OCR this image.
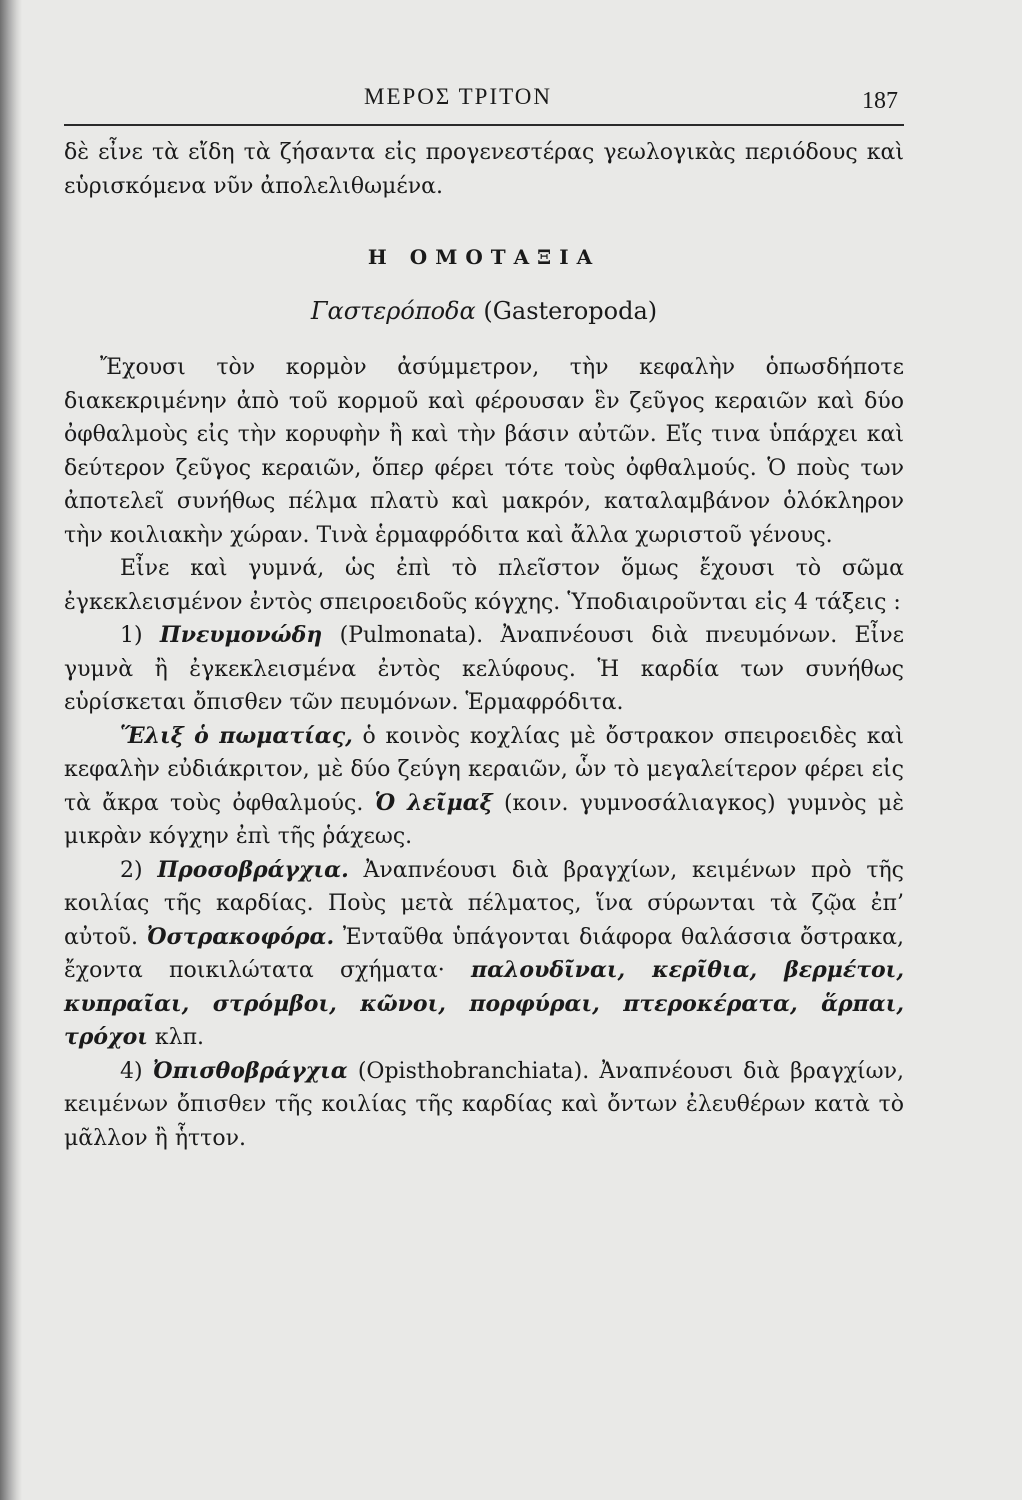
ΜΕΡΟΣ ΤΡΙΤΟΝ	187

δὲ εἶνε τὰ εἴδη τὰ ζήσαντα εἰς προγενεστέρας γεωλογικὰς περιόδους καὶ εὑρισκόμενα νῦν ἀπολελιθωμένα.

Η ΟΜΟΤΑΞΙΑ
Γαστερόποδα (Gasteropoda)

Ἔχουσι τὸν κορμὸν ἀσύμμετρον, τὴν κεφαλὴν ὁπωσδήποτε διακεκριμένην ἀπὸ τοῦ κορμοῦ καὶ φέρουσαν ἓν ζεῦγος κεραιῶν καὶ δύο ὀφθαλμοὺς εἰς τὴν κορυφὴν ἢ καὶ τὴν βάσιν αὐτῶν. Εἴς τινα ὑπάρχει καὶ δεύτερον ζεῦγος κεραιῶν, ὅπερ φέρει τότε τοὺς ὀφθαλμούς. Ὁ ποὺς των ἀποτελεῖ συνήθως πέλμα πλατὺ καὶ μακρόν, καταλαμβάνον ὁλόκληρον τὴν κοιλιακὴν χώραν. Τινὰ ἑρμαφρόδιτα καὶ ἄλλα χωριστοῦ γένους.

Εἶνε καὶ γυμνά, ὡς ἐπὶ τὸ πλεῖστον ὅμως ἔχουσι τὸ σῶμα ἐγκεκλεισμένον ἐντὸς σπειροειδοῦς κόγχης. Ὑποδιαιροῦνται εἰς 4 τάξεις :

1) Πνευμονώδη (Pulmonata). Ἀναπνέουσι διὰ πνευμόνων. Εἶνε γυμνὰ ἢ ἐγκεκλεισμένα ἐντὸς κελύφους. Ἡ καρδία των συνήθως εὑρίσκεται ὄπισθεν τῶν πευμόνων. Ἑρμαφρόδιτα.

Ἕλιξ ὁ πωματίας, ὁ κοινὸς κοχλίας μὲ ὄστρακον σπειροειδὲς καὶ κεφαλὴν εὐδιάκριτον, μὲ δύο ζεύγη κεραιῶν, ὧν τὸ μεγαλείτερον φέρει εἰς τὰ ἄκρα τοὺς ὀφθαλμούς. Ὁ λεῖμαξ (κοιν. γυμνοσάλιαγκος) γυμνὸς μὲ μικρὰν κόγχην ἐπὶ τῆς ῥάχεως.

2) Προσοβράγχια. Ἀναπνέουσι διὰ βραγχίων, κειμένων πρὸ τῆς κοιλίας τῆς καρδίας. Ποὺς μετὰ πέλματος, ἵνα σύρωνται τὰ ζῷα ἐπ’ αὐτοῦ. Ὀστρακοφόρα. Ἐνταῦθα ὑπάγονται διάφορα θαλάσσια ὄστρακα, ἔχοντα ποικιλώτατα σχήματα· παλουδῖναι, κερῖθια, βερμέτοι, κυπραῖαι, στρόμβοι, κῶνοι, πορφύραι, πτεροκέρατα, ἅρπαι, τρόχοι κλπ.

4) Ὀπισθοβράγχια (Opisthobranchiata). Ἀναπνέουσι διὰ βραγχίων, κειμένων ὄπισθεν τῆς κοιλίας τῆς καρδίας καὶ ὄντων ἐλευθέρων κατὰ τὸ μᾶλλον ἢ ἧττον.
